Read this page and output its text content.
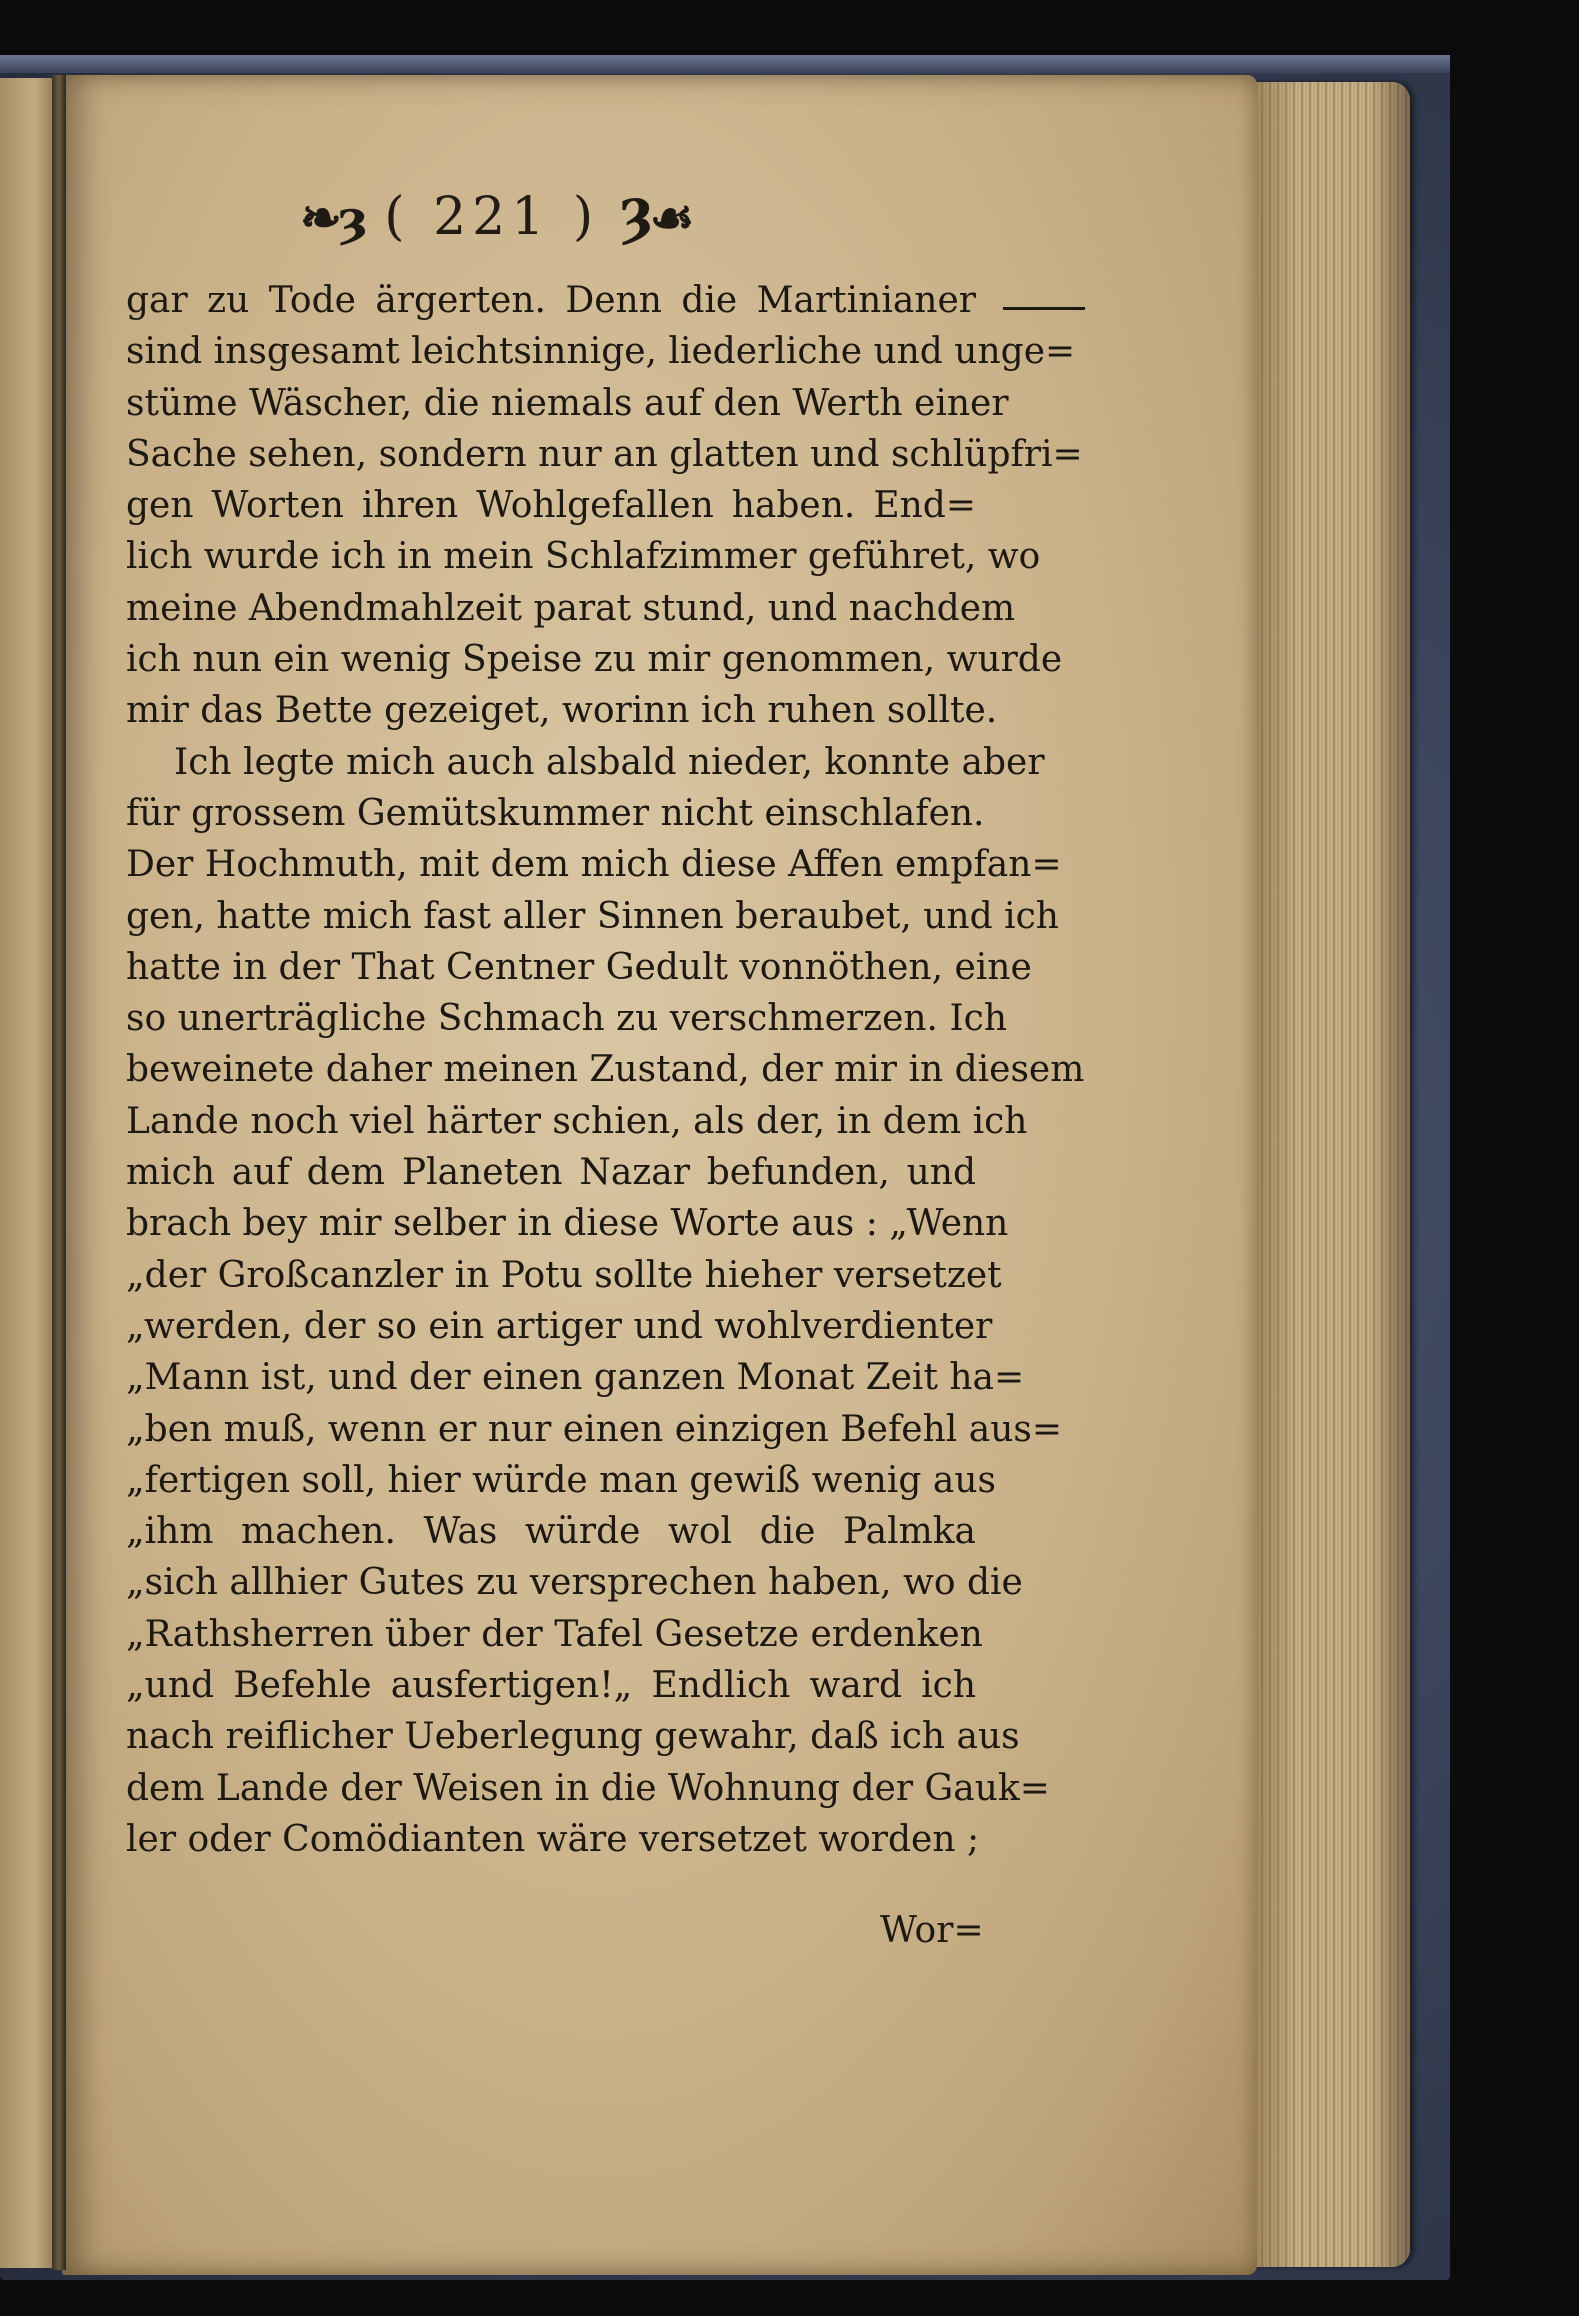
❧ȝ ( 221 ) Ȝ☙
gar zu Tode ärgerten. Denn die Martinianer
sind insgesamt leichtsinnige, liederliche und unge=
stüme Wäscher, die niemals auf den Werth einer
Sache sehen, sondern nur an glatten und schlüpfri=
gen Worten ihren Wohlgefallen haben. End=
lich wurde ich in mein Schlafzimmer geführet, wo
meine Abendmahlzeit parat stund, und nachdem
ich nun ein wenig Speise zu mir genommen, wurde
mir das Bette gezeiget, worinn ich ruhen sollte.
Ich legte mich auch alsbald nieder, konnte aber
für grossem Gemütskummer nicht einschlafen.
Der Hochmuth, mit dem mich diese Affen empfan=
gen, hatte mich fast aller Sinnen beraubet, und ich
hatte in der That Centner Gedult vonnöthen, eine
so unerträgliche Schmach zu verschmerzen. Ich
beweinete daher meinen Zustand, der mir in diesem
Lande noch viel härter schien, als der, in dem ich
mich auf dem Planeten Nazar befunden, und
brach bey mir selber in diese Worte aus : „Wenn
„der Großcanzler in Potu sollte hieher versetzet
„werden, der so ein artiger und wohlverdienter
„Mann ist, und der einen ganzen Monat Zeit ha=
„ben muß, wenn er nur einen einzigen Befehl aus=
„fertigen soll, hier würde man gewiß wenig aus
„ihm machen. Was würde wol die Palmka
„sich allhier Gutes zu versprechen haben, wo die
„Rathsherren über der Tafel Gesetze erdenken
„und Befehle ausfertigen!„ Endlich ward ich
nach reiflicher Ueberlegung gewahr, daß ich aus
dem Lande der Weisen in die Wohnung der Gauk=
ler oder Comödianten wäre versetzet worden ;
Wor=
